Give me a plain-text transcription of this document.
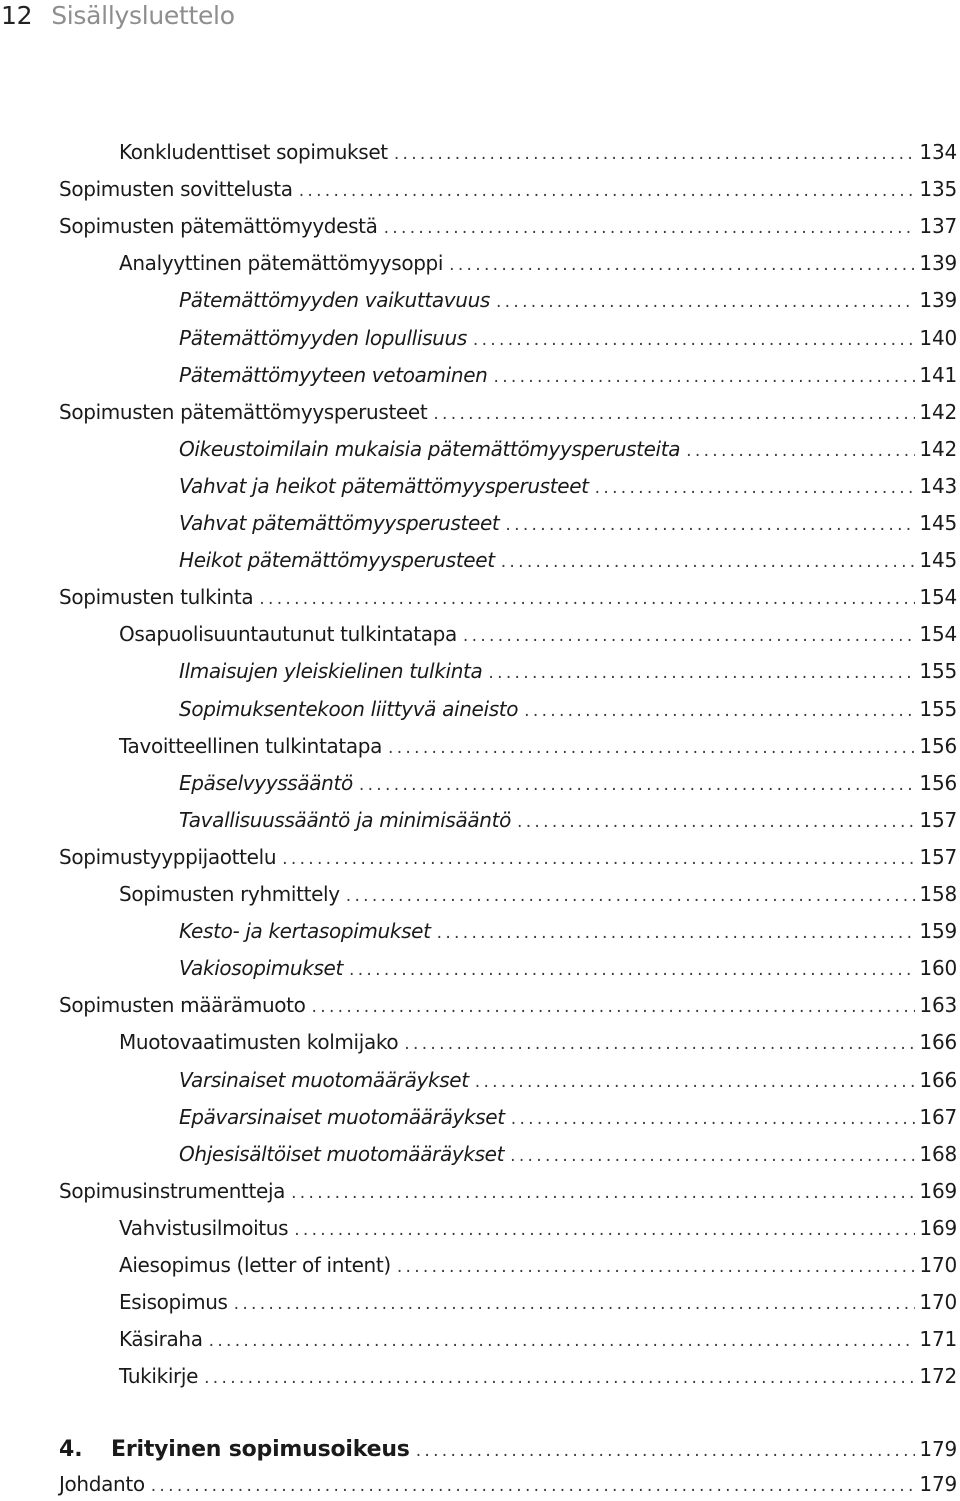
12 Sisällysluettelo
Konkludenttiset sopimukset .....	134
Sopimusten sovittelusta .....	135
Sopimusten pätemättömyydestä .....	137
Analyyttinen pätemättömyysoppi .....	139
Pätemättömyyden vaikuttavuus .....	139
Pätemättömyyden lopullisuus .....	140
Pätemättömyyteen vetoaminen .....	141
Sopimusten pätemättömyysperusteet .....	142
Oikeustoimilain mukaisia pätemättömyysperusteita .....	142
Vahvat ja heikot pätemättömyysperusteet .....	143
Vahvat pätemättömyysperusteet .....	145
Heikot pätemättömyysperusteet .....	145
Sopimusten tulkinta .....	154
Osapuolisuuntautunut tulkintatapa .....	154
Ilmaisujen yleiskielinen tulkinta .....	155
Sopimuksentekoon liittyvä aineisto .....	155
Tavoitteellinen tulkintatapa .....	156
Epäselvyyssääntö .....	156
Tavallisuussääntö ja minimisääntö .....	157
Sopimustyyppijaottelu .....	157
Sopimusten ryhmittely .....	158
Kesto- ja kertasopimukset .....	159
Vakiosopimukset .....	160
Sopimusten määrämuoto .....	163
Muotovaatimusten kolmijako .....	166
Varsinaiset muotomääräykset .....	166
Epävarsinaiset muotomääräykset .....	167
Ohjesisältöiset muotomääräykset .....	168
Sopimusinstrumentteja .....	169
Vahvistusilmoitus .....	169
Aiesopimus (letter of intent) .....	170
Esisopimus .....	170
Käsiraha .....	171
Tukikirje .....	172
4.	Erityinen sopimusoikeus .....	179
Johdanto .....	179
